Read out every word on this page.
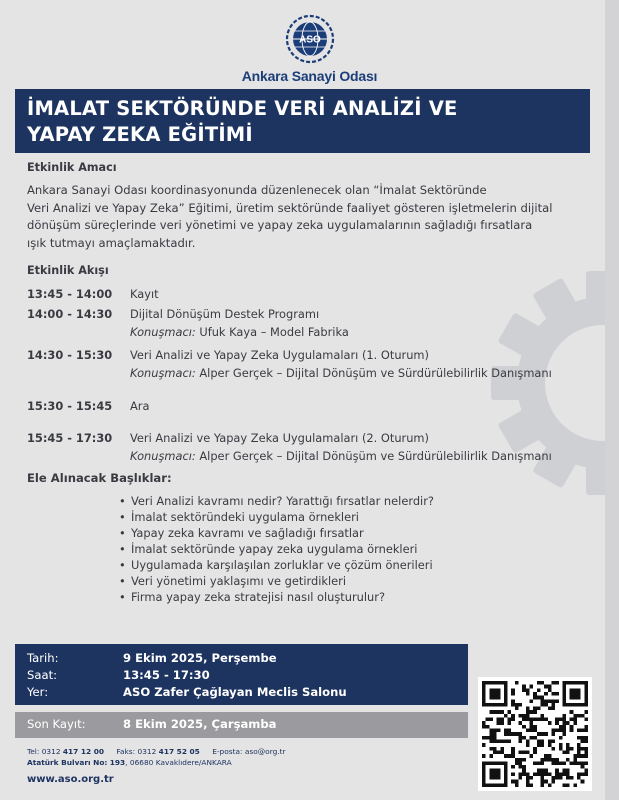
ASO
Ankara Sanayi Odası
İMALAT SEKTÖRÜNDE VERİ ANALİZİ VE
YAPAY ZEKA EĞİTİMİ
Etkinlik Amacı
Ankara Sanayi Odası koordinasyonunda düzenlenecek olan “İmalat Sektöründe
Veri Analizi ve Yapay Zeka” Eğitimi, üretim sektöründe faaliyet gösteren işletmelerin dijital
dönüşüm süreçlerinde veri yönetimi ve yapay zeka uygulamalarının sağladığı fırsatlara
ışık tutmayı amaçlamaktadır.
Etkinlik Akışı
13:45 - 14:00	Kayıt
14:00 - 14:30	Dijital Dönüşüm Destek Programı
Konuşmacı: Ufuk Kaya – Model Fabrika
14:30 - 15:30	Veri Analizi ve Yapay Zeka Uygulamaları (1. Oturum)
Konuşmacı: Alper Gerçek – Dijital Dönüşüm ve Sürdürülebilirlik Danışmanı
15:30 - 15:45	Ara
15:45 - 17:30	Veri Analizi ve Yapay Zeka Uygulamaları (2. Oturum)
Konuşmacı: Alper Gerçek – Dijital Dönüşüm ve Sürdürülebilirlik Danışmanı
Ele Alınacak Başlıklar:
• Veri Analizi kavramı nedir? Yarattığı fırsatlar nelerdir?
• İmalat sektöründeki uygulama örnekleri
• Yapay zeka kavramı ve sağladığı fırsatlar
• İmalat sektöründe yapay zeka uygulama örnekleri
• Uygulamada karşılaşılan zorluklar ve çözüm önerileri
• Veri yönetimi yaklaşımı ve getirdikleri
• Firma yapay zeka stratejisi nasıl oluşturulur?
Tarih:	9 Ekim 2025, Perşembe
Saat:	13:45 - 17:30
Yer:	ASO Zafer Çağlayan Meclis Salonu
Son Kayıt:	8 Ekim 2025, Çarşamba
Tel: 0312 417 12 00 Faks: 0312 417 52 05 E-posta: aso@org.tr
Atatürk Bulvarı No: 193, 06680 Kavaklıdere/ANKARA
www.aso.org.tr
